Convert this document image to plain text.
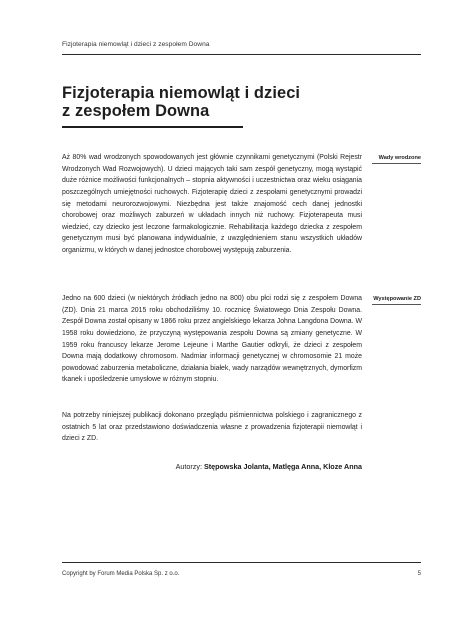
Fizjoterapia niemowląt i dzieci z zespołem Downa
Fizjoterapia niemowląt i dzieci
z zespołem Downa

Aż 80% wad wrodzonych spowodowanych jest głównie czynnikami genetycznymi (Polski Rejestr Wrodzonych Wad Rozwojowych). U dzieci mających taki sam zespół genetyczny, mogą wystąpić duże różnice możliwości funkcjonalnych – stopnia aktywności i uczestnictwa oraz wieku osiągania poszczególnych umiejętności ruchowych. Fizjoterapię dzieci z zespołami genetycznymi prowadzi się metodami neurorozwojowymi. Niezbędna jest także znajomość cech danej jednostki chorobowej oraz możliwych zaburzeń w układach innych niż ruchowy. Fizjoterapeuta musi wiedzieć, czy dziecko jest leczone farmakologicznie. Rehabilitacja każdego dziecka z zespołem genetycznym musi być planowana indywidualnie, z uwzględnieniem stanu wszystkich układów organizmu, w których w danej jednostce chorobowej występują zaburzenia.

Wady wrodzone

Jedno na 600 dzieci (w niektórych źródłach jedno na 800) obu płci rodzi się z zespołem Downa (ZD). Dnia 21 marca 2015 roku obchodziliśmy 10. rocznicę Światowego Dnia Zespołu Downa. Zespół Downa został opisany w 1866 roku przez angielskiego lekarza Johna Langdona Downa. W 1958 roku dowiedziono, że przyczyną występowania zespołu Downa są zmiany genetyczne. W 1959 roku francuscy lekarze Jerome Lejeune i Marthe Gautier odkryli, że dzieci z zespołem Downa mają dodatkowy chromosom. Nadmiar informacji genetycznej w chromosomie 21 może powodować zaburzenia metaboliczne, działania białek, wady narządów wewnętrznych, dymorfizm tkanek i upośledzenie umysłowe w różnym stopniu.

Występowanie ZD

Na potrzeby niniejszej publikacji dokonano przeglądu piśmiennictwa polskiego i zagranicznego z ostatnich 5 lat oraz przedstawiono doświadczenia własne z prowadzenia fizjoterapii niemowląt i dzieci z ZD.

Autorzy: Stępowska Jolanta, Matlęga Anna, Kloze Anna
Copyright by Forum Media Polska Sp. z o.o.	5
